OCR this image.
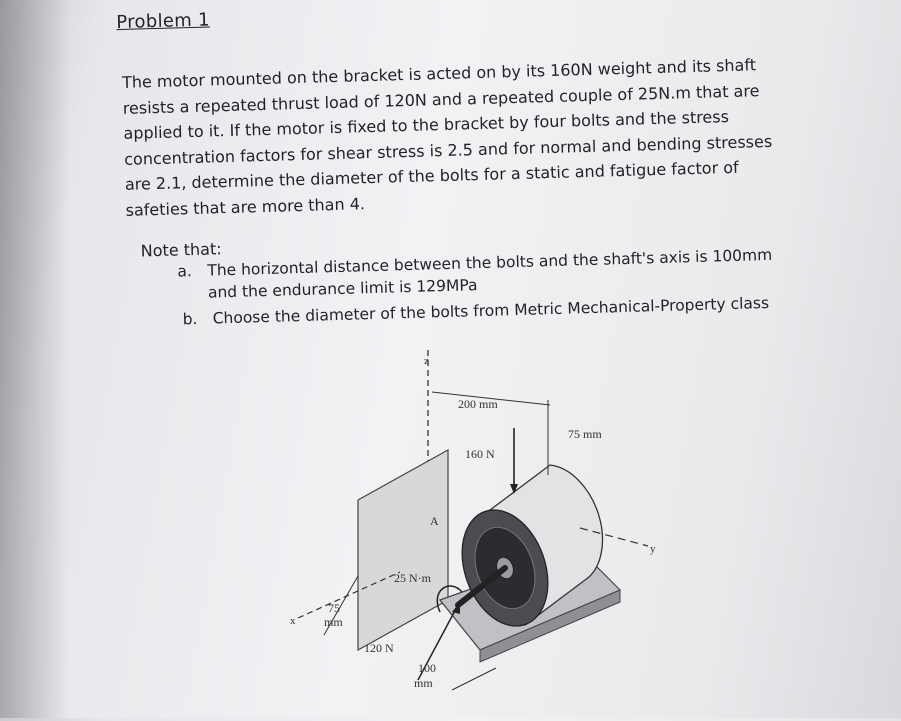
Problem 1
The motor mounted on the bracket is acted on by its 160N weight and its shaft resists a repeated thrust load of 120N and a repeated couple of 25N.m that are applied to it. If the motor is fixed to the bracket by four bolts and the stress concentration factors for shear stress is 2.5 and for normal and bending stresses are 2.1, determine the diameter of the bolts for a static and fatigue factor of safeties that are more than 4.
Note that:
a. The horizontal distance between the bolts and the shaft's axis is 100mm and the endurance limit is 129MPa
b. Choose the diameter of the bolts from Metric Mechanical-Property class
z
y
x
A
200 mm
75 mm
160 N
25 N·m
75
mm
120 N
100
mm
